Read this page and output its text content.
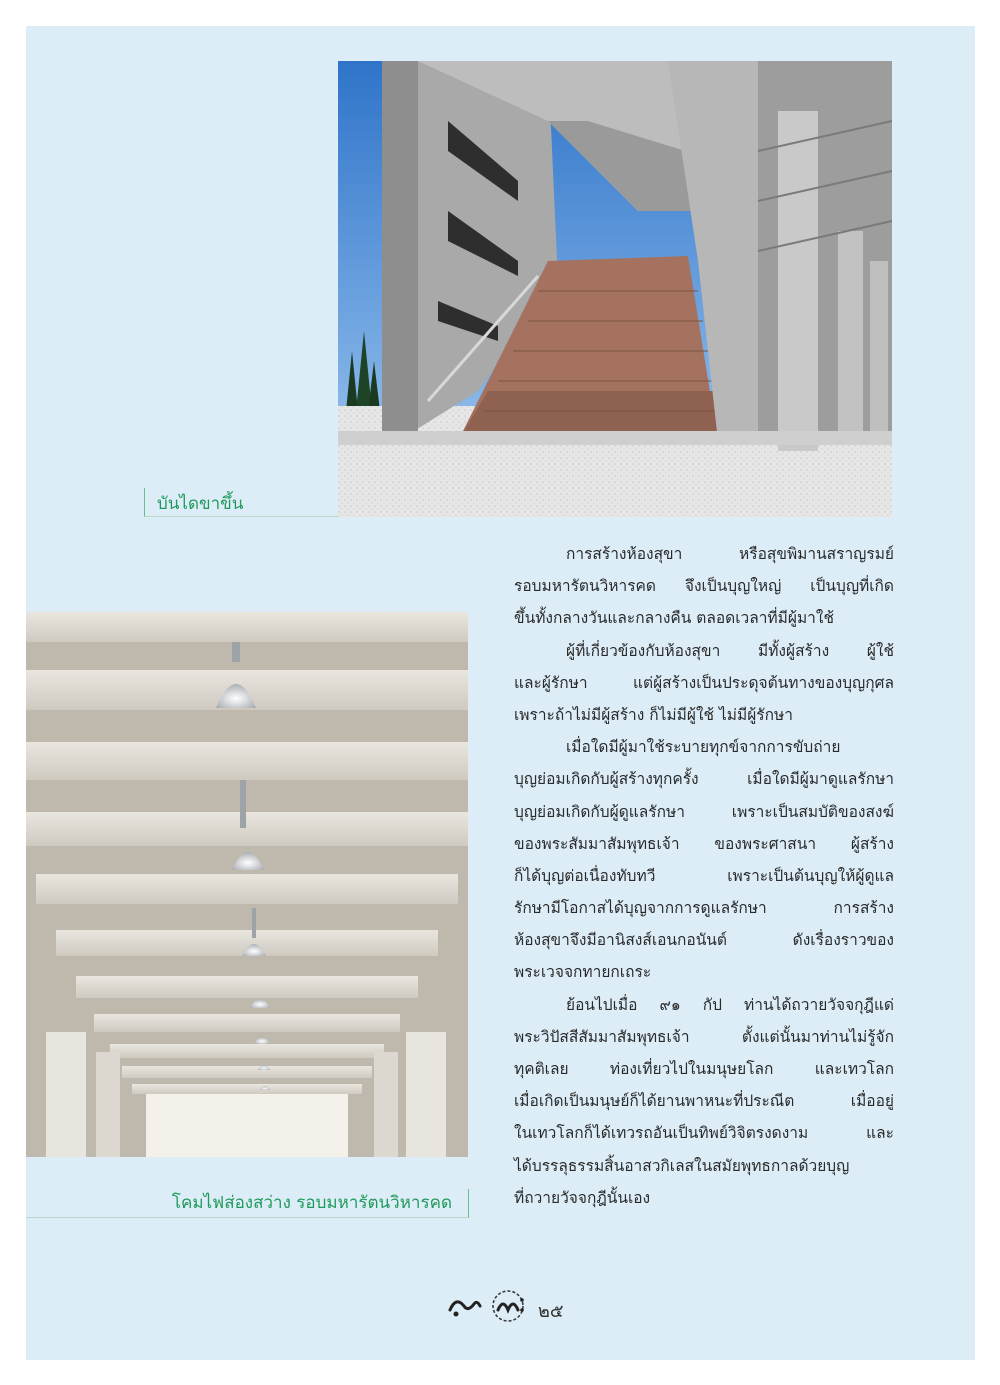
บันไดขาขึ้น
โคมไฟส่องสว่าง รอบมหารัตนวิหารคด
การสร้างห้องสุขา หรือสุขพิมานสราญรมย์
รอบมหารัตนวิหารคด จึงเป็นบุญใหญ่ เป็นบุญที่เกิด
ขึ้นทั้งกลางวันและกลางคืน ตลอดเวลาที่มีผู้มาใช้
ผู้ที่เกี่ยวข้องกับห้องสุขา มีทั้งผู้สร้าง ผู้ใช้
และผู้รักษา แต่ผู้สร้างเป็นประดุจต้นทางของบุญกุศล
เพราะถ้าไม่มีผู้สร้าง ก็ไม่มีผู้ใช้ ไม่มีผู้รักษา
เมื่อใดมีผู้มาใช้ระบายทุกข์จากการขับถ่าย
บุญย่อมเกิดกับผู้สร้างทุกครั้ง เมื่อใดมีผู้มาดูแลรักษา
บุญย่อมเกิดกับผู้ดูแลรักษา เพราะเป็นสมบัติของสงฆ์
ของพระสัมมาสัมพุทธเจ้า ของพระศาสนา ผู้สร้าง
ก็ได้บุญต่อเนื่องทับทวี เพราะเป็นต้นบุญให้ผู้ดูแล
รักษามีโอกาสได้บุญจากการดูแลรักษา การสร้าง
ห้องสุขาจึงมีอานิสงส์เอนกอนันต์ ดังเรื่องราวของ
พระเวจจกทายกเถระ
ย้อนไปเมื่อ ๙๑ กัป ท่านได้ถวายวัจจกุฎีแด่
พระวิปัสสีสัมมาสัมพุทธเจ้า ตั้งแต่นั้นมาท่านไม่รู้จัก
ทุคติเลย ท่องเที่ยวไปในมนุษยโลก และเทวโลก
เมื่อเกิดเป็นมนุษย์ก็ได้ยานพาหนะที่ประณีต เมื่ออยู่
ในเทวโลกก็ได้เทวรถอันเป็นทิพย์วิจิตรงดงาม และ
ได้บรรลุธรรมสิ้นอาสวกิเลสในสมัยพุทธกาลด้วยบุญ
ที่ถวายวัจจกุฎีนั้นเอง
๒๕
